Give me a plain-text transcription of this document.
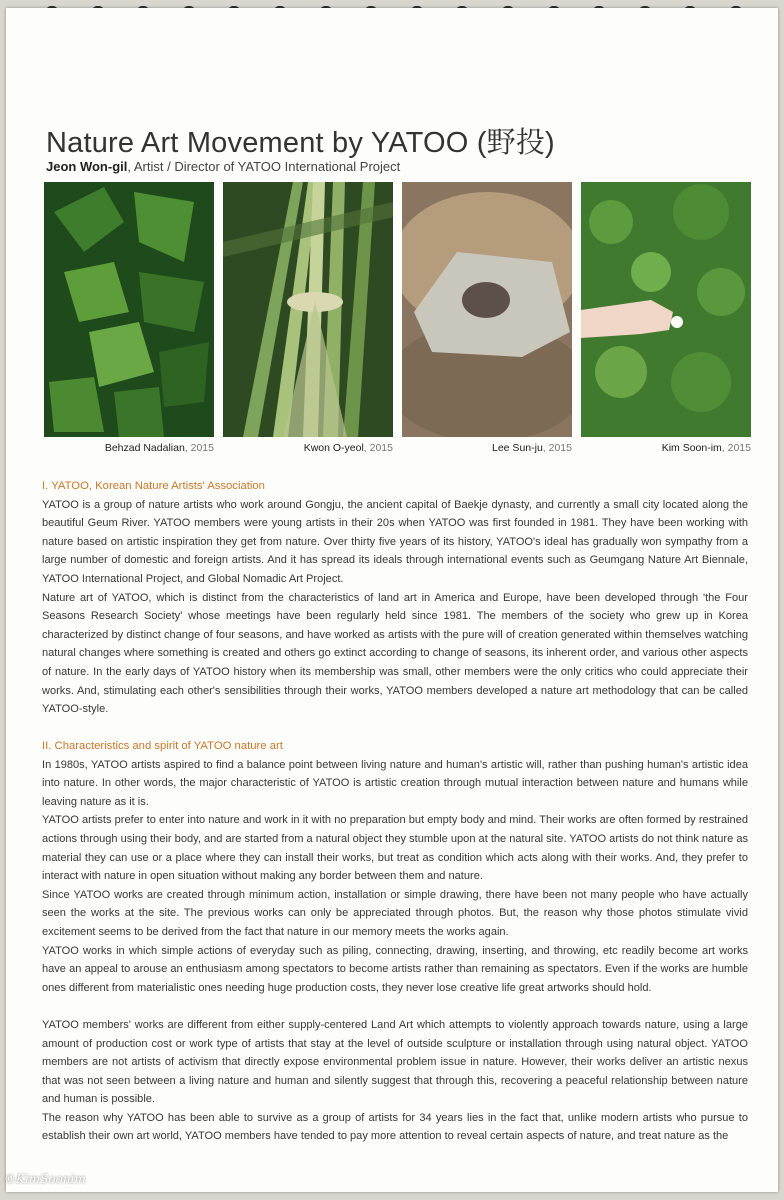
Nature Art Movement by YATOO (野投)
Jeon Won-gil, Artist / Director of YATOO International Project
Behzad Nadalian, 2015	Kwon O-yeol, 2015	Lee Sun-ju, 2015	Kim Soon-im, 2015
I. YATOO, Korean Nature Artists' Association

YATOO is a group of nature artists who work around Gongju, the ancient capital of Baekje dynasty, and currently a small city located along the beautiful Geum River. YATOO members were young artists in their 20s when YATOO was first founded in 1981. They have been working with nature based on artistic inspiration they get from nature. Over thirty five years of its history, YATOO's ideal has gradually won sympathy from a large number of domestic and foreign artists. And it has spread its ideals through international events such as Geumgang Nature Art Biennale, YATOO International Project, and Global Nomadic Art Project.

Nature art of YATOO, which is distinct from the characteristics of land art in America and Europe, have been developed through 'the Four Seasons Research Society' whose meetings have been regularly held since 1981. The members of the society who grew up in Korea characterized by distinct change of four seasons, and have worked as artists with the pure will of creation generated within themselves watching natural changes where something is created and others go extinct according to change of seasons, its inherent order, and various other aspects of nature. In the early days of YATOO history when its membership was small, other members were the only critics who could appreciate their works. And, stimulating each other's sensibilities through their works, YATOO members developed a nature art methodology that can be called YATOO-style.

II. Characteristics and spirit of YATOO nature art

In 1980s, YATOO artists aspired to find a balance point between living nature and human's artistic will, rather than pushing human's artistic idea into nature. In other words, the major characteristic of YATOO is artistic creation through mutual interaction between nature and humans while leaving nature as it is.

YATOO artists prefer to enter into nature and work in it with no preparation but empty body and mind. Their works are often formed by restrained actions through using their body, and are started from a natural object they stumble upon at the natural site. YATOO artists do not think nature as material they can use or a place where they can install their works, but treat as condition which acts along with their works. And, they prefer to interact with nature in open situation without making any border between them and nature.

Since YATOO works are created through minimum action, installation or simple drawing, there have been not many people who have actually seen the works at the site. The previous works can only be appreciated through photos. But, the reason why those photos stimulate vivid excitement seems to be derived from the fact that nature in our memory meets the works again.

YATOO works in which simple actions of everyday such as piling, connecting, drawing, inserting, and throwing, etc readily become art works have an appeal to arouse an enthusiasm among spectators to become artists rather than remaining as spectators. Even if the works are humble ones different from materialistic ones needing huge production costs, they never lose creative life great artworks should hold.

YATOO members' works are different from either supply-centered Land Art which attempts to violently approach towards nature, using a large amount of production cost or work type of artists that stay at the level of outside sculpture or installation through using natural object. YATOO members are not artists of activism that directly expose environmental problem issue in nature. However, their works deliver an artistic nexus that was not seen between a living nature and human and silently suggest that through this, recovering a peaceful relationship between nature and human is possible.

The reason why YATOO has been able to survive as a group of artists for 34 years lies in the fact that, unlike modern artists who pursue to establish their own art world, YATOO members have tended to pay more attention to reveal certain aspects of nature, and treat nature as the

©KimSoonim
